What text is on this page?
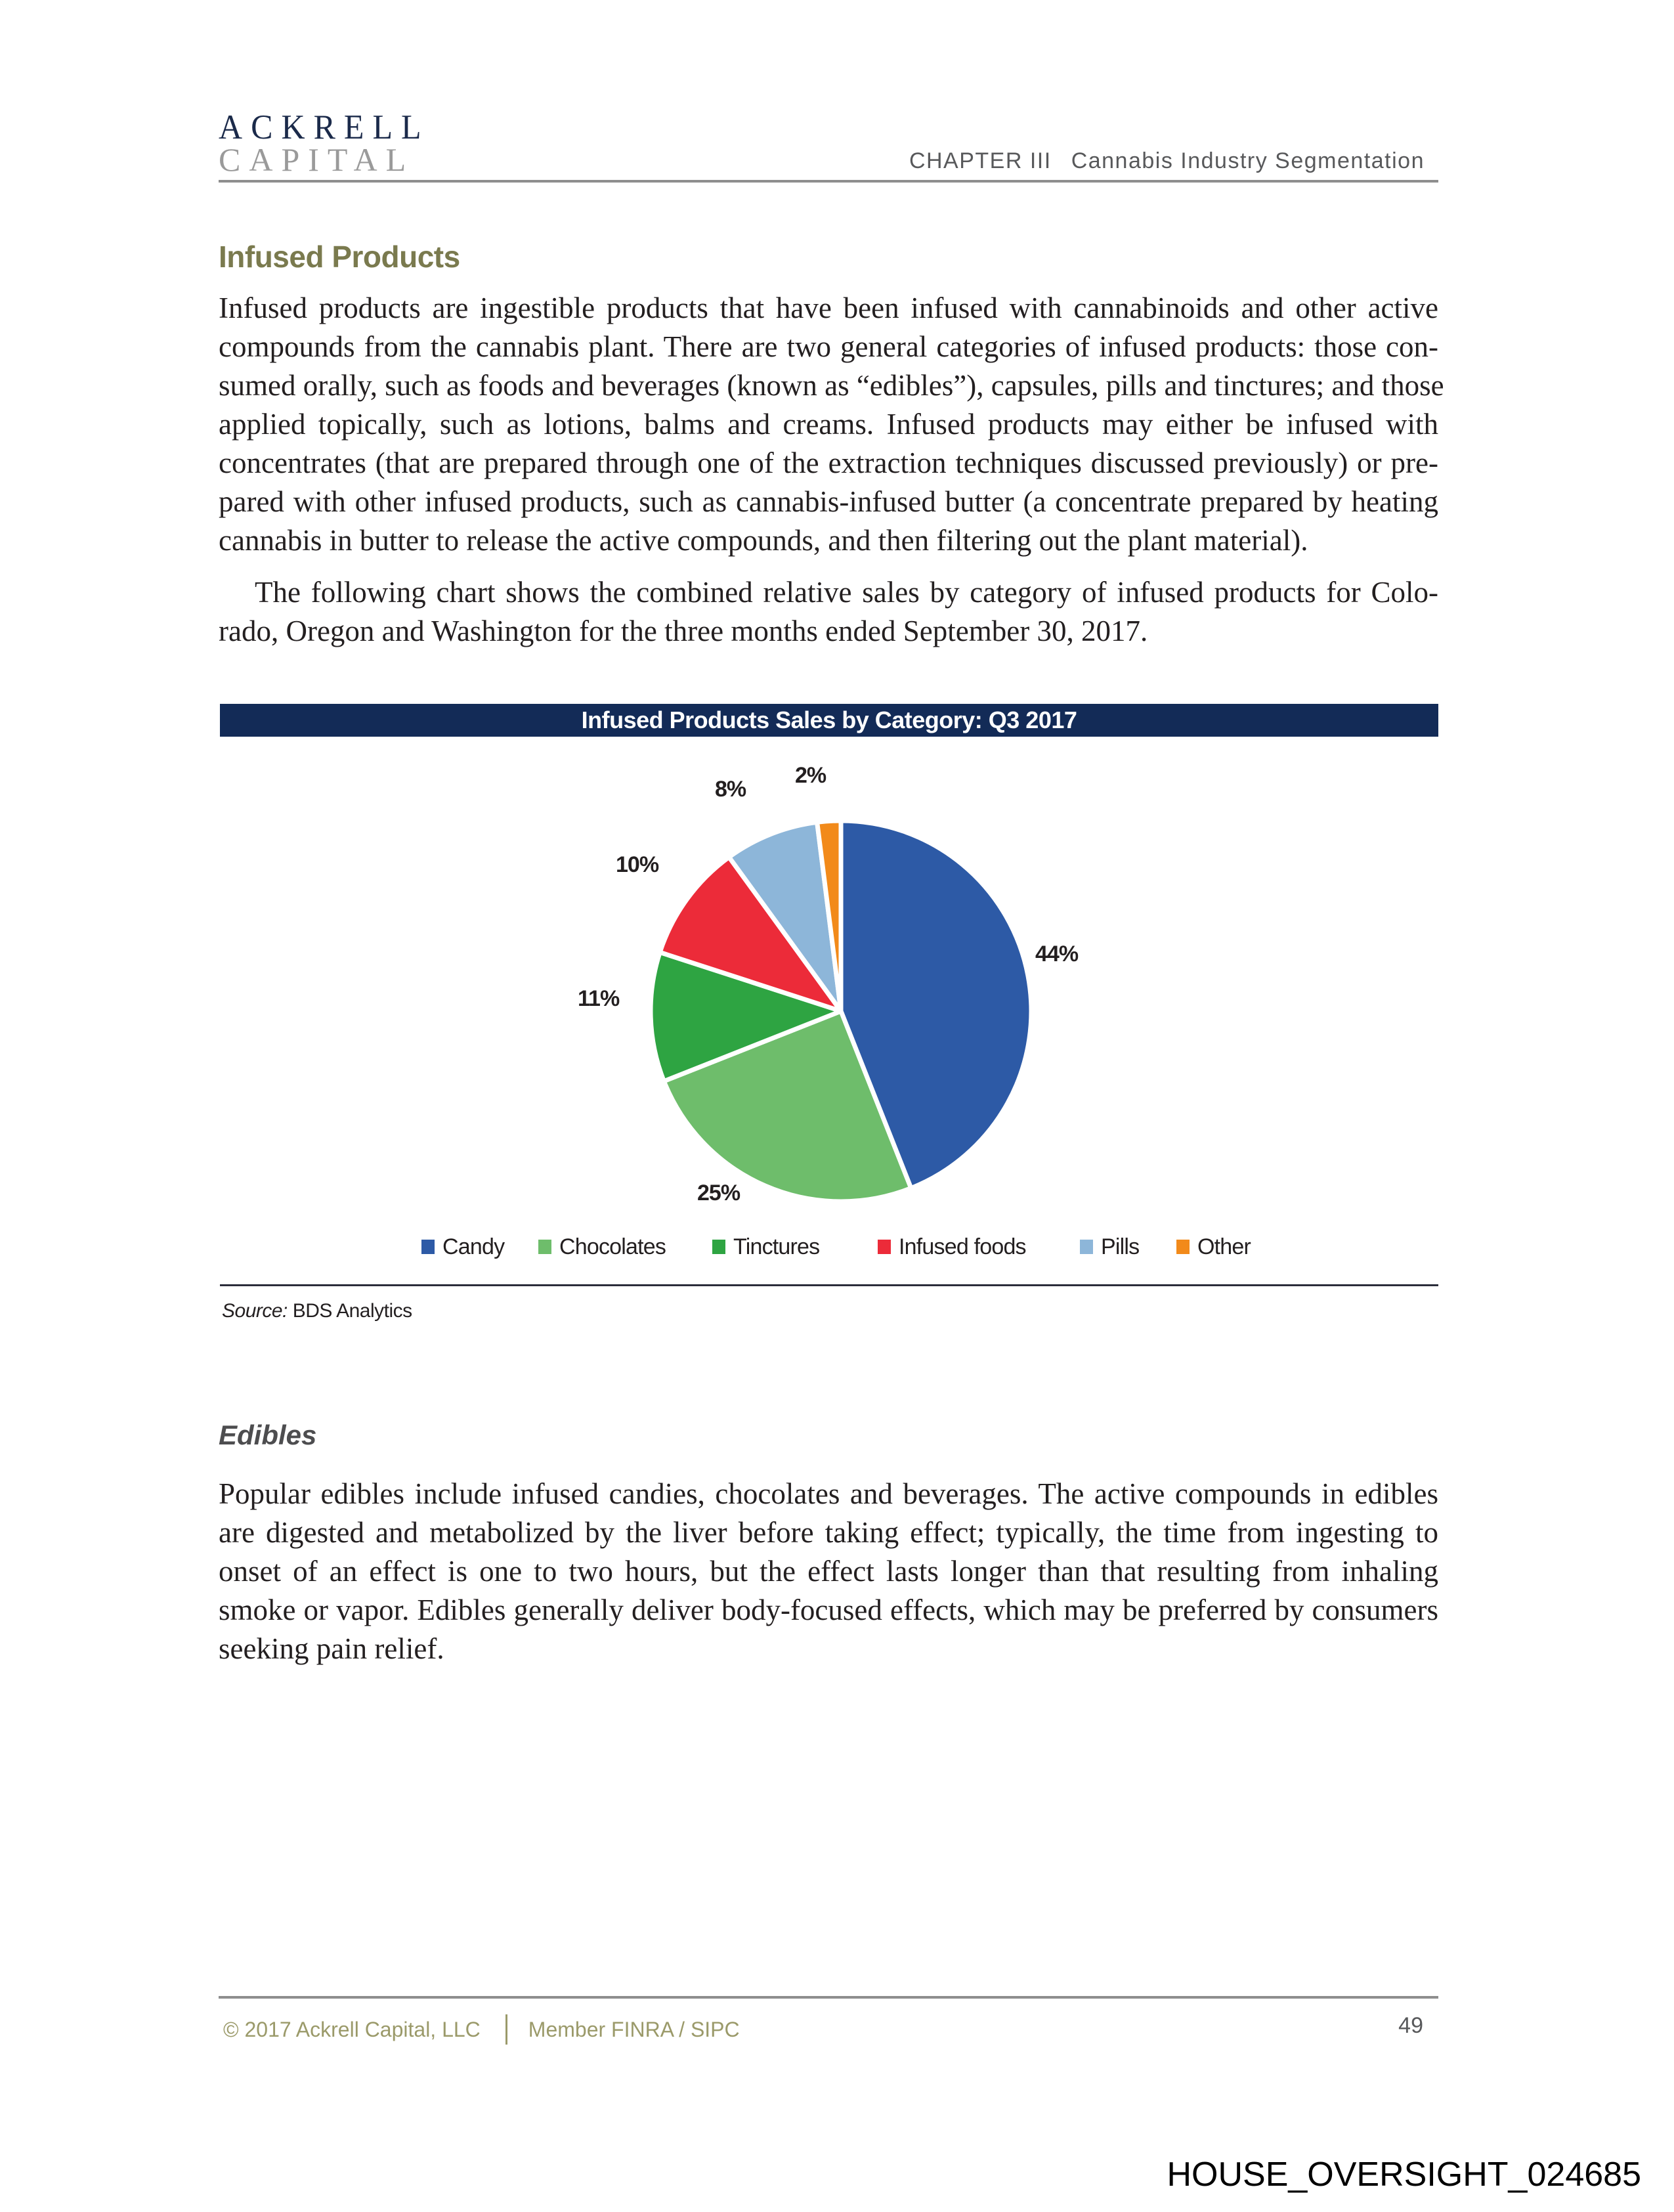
ACKRELL
CAPITAL	CHAPTER III Cannabis Industry Segmentation
Infused Products
Infused products are ingestible products that have been infused with cannabinoids and other active
compounds from the cannabis plant. There are two general categories of infused products: those con-
sumed orally, such as foods and beverages (known as “edibles”), capsules, pills and tinctures; and those
applied topically, such as lotions, balms and creams. Infused products may either be infused with
concentrates (that are prepared through one of the extraction techniques discussed previously) or pre-
pared with other infused products, such as cannabis-infused butter (a concentrate prepared by heating
cannabis in butter to release the active compounds, and then filtering out the plant material).
The following chart shows the combined relative sales by category of infused products for Colo-
rado, Oregon and Washington for the three months ended September 30, 2017.
Infused Products Sales by Category: Q3 2017
44%
25%
11%
10%
8%
2%
Candy Chocolates	Tinctures	Infused foods	Pills	Other
Source: BDS Analytics
Edibles
Popular edibles include infused candies, chocolates and beverages. The active compounds in edibles
are digested and metabolized by the liver before taking effect; typically, the time from ingesting to
onset of an effect is one to two hours, but the effect lasts longer than that resulting from inhaling
smoke or vapor. Edibles generally deliver body-focused effects, which may be preferred by consumers
seeking pain relief.
© 2017 Ackrell Capital, LLC Member FINRA / SIPC	49
HOUSE_OVERSIGHT_024685
